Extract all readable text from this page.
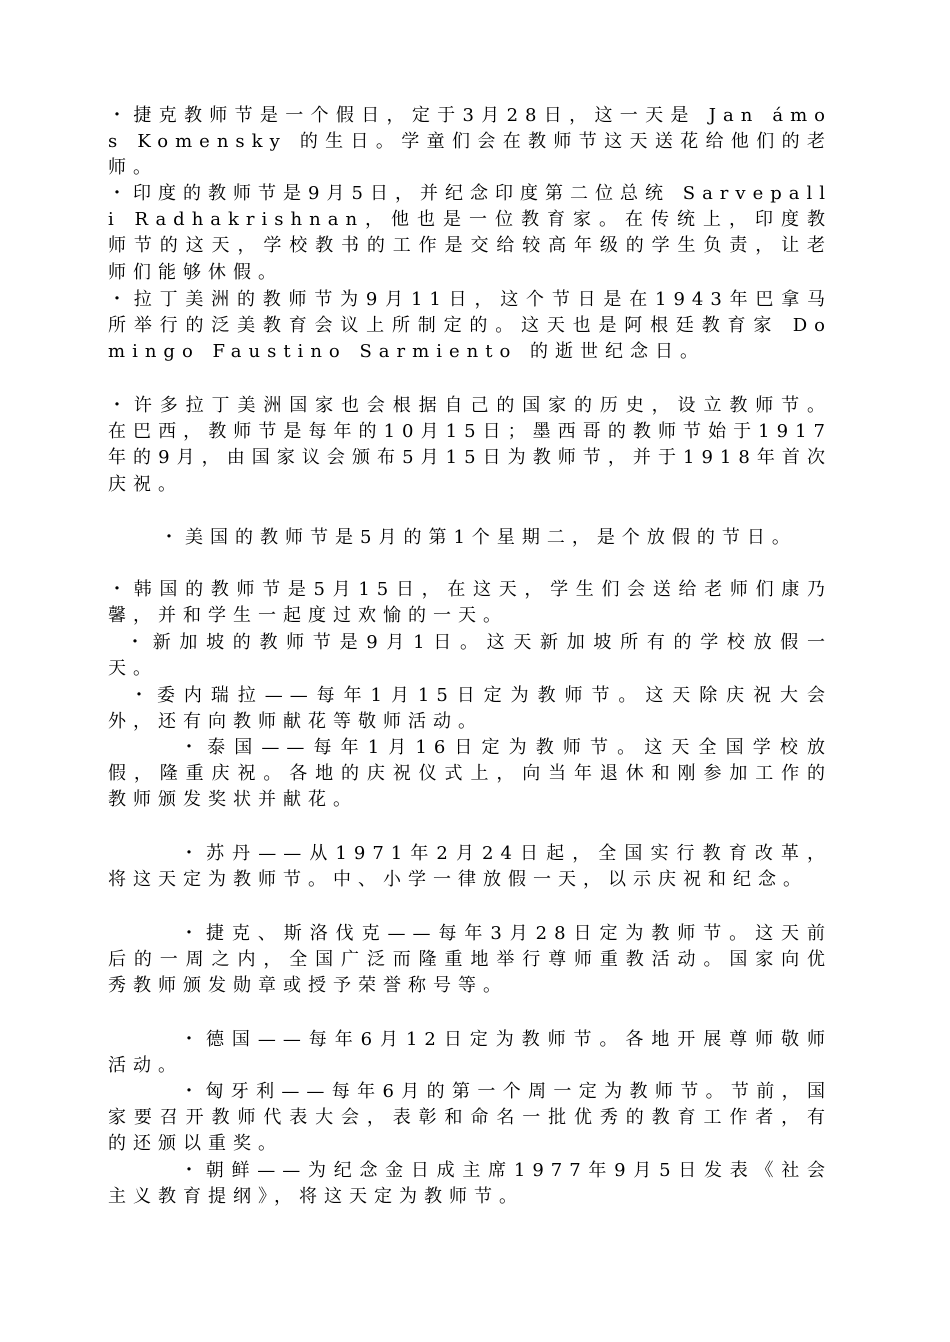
・捷克教师节是一个假日，定于3月28日，这一天是 Jan ámos Komensky 的生日。学童们会在教师节这天送花给他们的老师。

・印度的教师节是9月5日，并纪念印度第二位总统 Sarvepalli Radhakrishnan，他也是一位教育家。在传统上，印度教师节的这天，学校教书的工作是交给较高年级的学生负责，让老师们能够休假。

・拉丁美洲的教师节为9月11日，这个节日是在1943年巴拿马所举行的泛美教育会议上所制定的。这天也是阿根廷教育家 Domingo Faustino Sarmiento 的逝世纪念日。

・许多拉丁美洲国家也会根据自己的国家的历史，设立教师节。在巴西，教师节是每年的10月15日；墨西哥的教师节始于1917年的9月，由国家议会颁布5月15日为教师节，并于1918年首次庆祝。

・美国的教师节是5月的第1个星期二，是个放假的节日。

・韩国的教师节是5月15日，在这天，学生们会送给老师们康乃馨，并和学生一起度过欢愉的一天。

・新加坡的教师节是9月1日。这天新加坡所有的学校放假一天。

・委内瑞拉——每年1月15日定为教师节。这天除庆祝大会外，还有向教师献花等敬师活动。

・泰国——每年1月16日定为教师节。这天全国学校放假，隆重庆祝。各地的庆祝仪式上，向当年退休和刚参加工作的教师颁发奖状并献花。

・苏丹——从1971年2月24日起，全国实行教育改革，将这天定为教师节。中、小学一律放假一天，以示庆祝和纪念。

・捷克、斯洛伐克——每年3月28日定为教师节。这天前后的一周之内，全国广泛而隆重地举行尊师重教活动。国家向优秀教师颁发勋章或授予荣誉称号等。

・德国——每年6月12日定为教师节。各地开展尊师敬师活动。

・匈牙利——每年6月的第一个周一定为教师节。节前，国家要召开教师代表大会，表彰和命名一批优秀的教育工作者，有的还颁以重奖。

・朝鲜——为纪念金日成主席1977年9月5日发表《社会主义教育提纲》，将这天定为教师节。
